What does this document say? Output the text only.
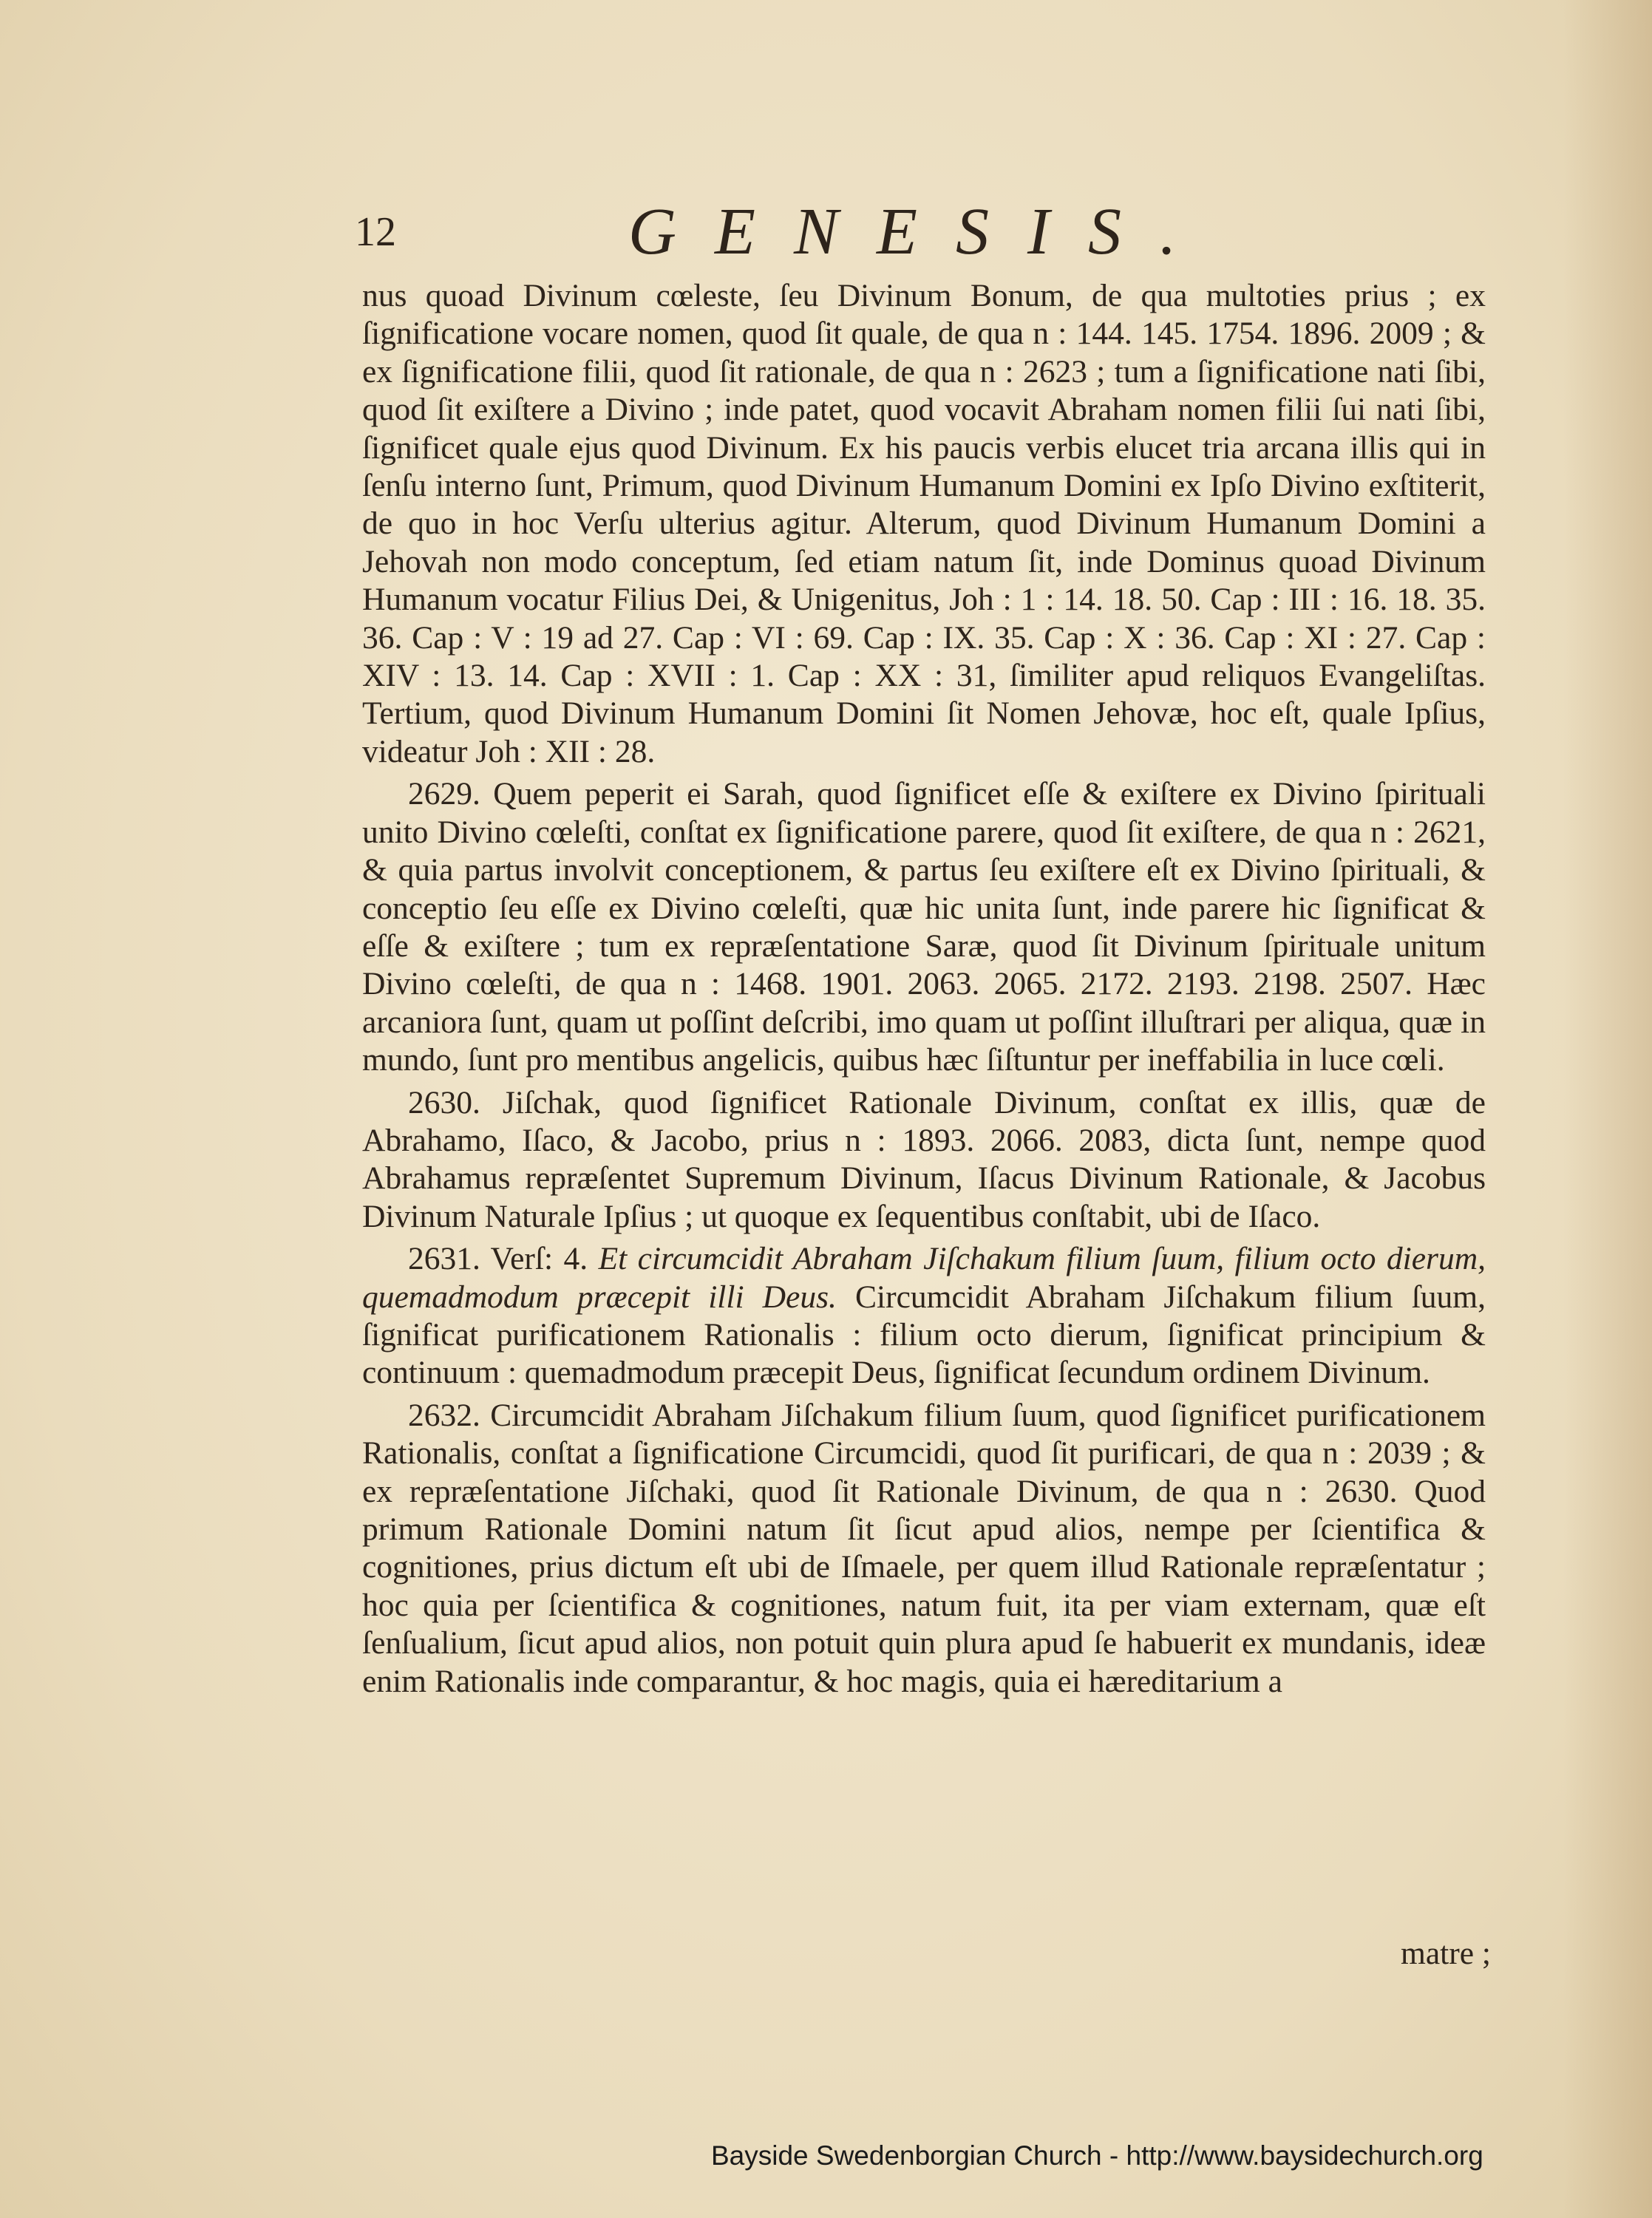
12	GENESIS.

nus quoad Divinum cœleste, ſeu Divinum Bonum, de qua multoties prius ; ex ſignificatione vocare nomen, quod ſit quale, de qua n : 144. 145. 1754. 1896. 2009 ; & ex ſignificatione filii, quod ſit rationale, de qua n : 2623 ; tum a ſignificatione nati ſibi, quod ſit exiſtere a Divino ; inde patet, quod vocavit Abraham nomen filii ſui nati ſibi, ſignificet quale ejus quod Divinum. Ex his paucis verbis elucet tria arcana illis qui in ſenſu interno ſunt, Primum, quod Divinum Humanum Domini ex Ipſo Divino exſtiterit, de quo in hoc Verſu ulterius agitur. Alterum, quod Divinum Humanum Domini a Jehovah non modo conceptum, ſed etiam natum ſit, inde Dominus quoad Divinum Humanum vocatur Filius Dei, & Unigenitus, Joh : 1 : 14. 18. 50. Cap : III : 16. 18. 35. 36. Cap : V : 19 ad 27. Cap : VI : 69. Cap : IX. 35. Cap : X : 36. Cap : XI : 27. Cap : XIV : 13. 14. Cap : XVII : 1. Cap : XX : 31, ſimiliter apud reliquos Evangeliſtas. Tertium, quod Divinum Humanum Domini ſit Nomen Jehovæ, hoc eſt, quale Ipſius, videatur Joh : XII : 28.

2629. Quem peperit ei Sarah, quod ſignificet eſſe & exiſtere ex Divino ſpirituali unito Divino cœleſti, conſtat ex ſignificatione parere, quod ſit exiſtere, de qua n : 2621, & quia partus involvit conceptionem, & partus ſeu exiſtere eſt ex Divino ſpirituali, & conceptio ſeu eſſe ex Divino cœleſti, quæ hic unita ſunt, inde parere hic ſignificat & eſſe & exiſtere ; tum ex repræſentatione Saræ, quod ſit Divinum ſpirituale unitum Divino cœleſti, de qua n : 1468. 1901. 2063. 2065. 2172. 2193. 2198. 2507. Hæc arcaniora ſunt, quam ut poſſint deſcribi, imo quam ut poſſint illuſtrari per aliqua, quæ in mundo, ſunt pro mentibus angelicis, quibus hæc ſiſtuntur per ineffabilia in luce cœli.

2630. Jiſchak, quod ſignificet Rationale Divinum, conſtat ex illis, quæ de Abrahamo, Iſaco, & Jacobo, prius n : 1893. 2066. 2083, dicta ſunt, nempe quod Abrahamus repræſentet Supremum Divinum, Iſacus Divinum Rationale, & Jacobus Divinum Naturale Ipſius ; ut quoque ex ſequentibus conſtabit, ubi de Iſaco.

2631. Verſ: 4. Et circumcidit Abraham Jiſchakum filium ſuum, filium octo dierum, quemadmodum præcepit illi Deus. Circumcidit Abraham Jiſchakum filium ſuum, ſignificat purificationem Rationalis : filium octo dierum, ſignificat principium & continuum : quemadmodum præcepit Deus, ſignificat ſecundum ordinem Divinum.

2632. Circumcidit Abraham Jiſchakum filium ſuum, quod ſignificet purificationem Rationalis, conſtat a ſignificatione Circumcidi, quod ſit purificari, de qua n : 2039 ; & ex repræſentatione Jiſchaki, quod ſit Rationale Divinum, de qua n : 2630. Quod primum Rationale Domini natum ſit ſicut apud alios, nempe per ſcientifica & cognitiones, prius dictum eſt ubi de Iſmaele, per quem illud Rationale repræſentatur ; hoc quia per ſcientifica & cognitiones, natum fuit, ita per viam externam, quæ eſt ſenſualium, ſicut apud alios, non potuit quin plura apud ſe habuerit ex mundanis, ideæ enim Rationalis inde comparantur, & hoc magis, quia ei hæreditarium a

matre ;
Bayside Swedenborgian Church - http://www.baysidechurch.org
